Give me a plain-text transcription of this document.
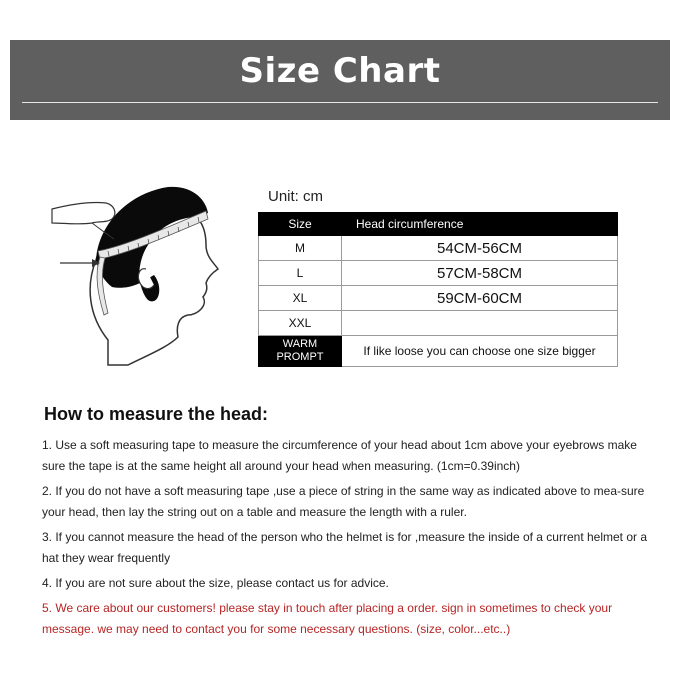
Size Chart
Unit: cm
Size	Head circumference
M	54CM-56CM
L	57CM-58CM
XL	59CM-60CM
XXL	

WARM
PROMPT	If like loose you can choose one size bigger
How to measure the head:
1. Use a soft measuring tape to measure the circumference of your head about 1cm above your eyebrows make sure the tape is at the same height all around your head when measuring. (1cm=0.39inch)
2. If you do not have a soft measuring tape ,use a piece of string in the same way as indicated above to mea-sure your head, then lay the string out on a table and measure the length with a ruler.
3. If you cannot measure the head of the person who the helmet is for ,measure the inside of a current helmet or a hat they wear frequently
4. If you are not sure about the size, please contact us for advice.
5. We care about our customers! please stay in touch after placing a order. sign in sometimes to check your message. we may need to contact you for some necessary questions. (size, color...etc..)
